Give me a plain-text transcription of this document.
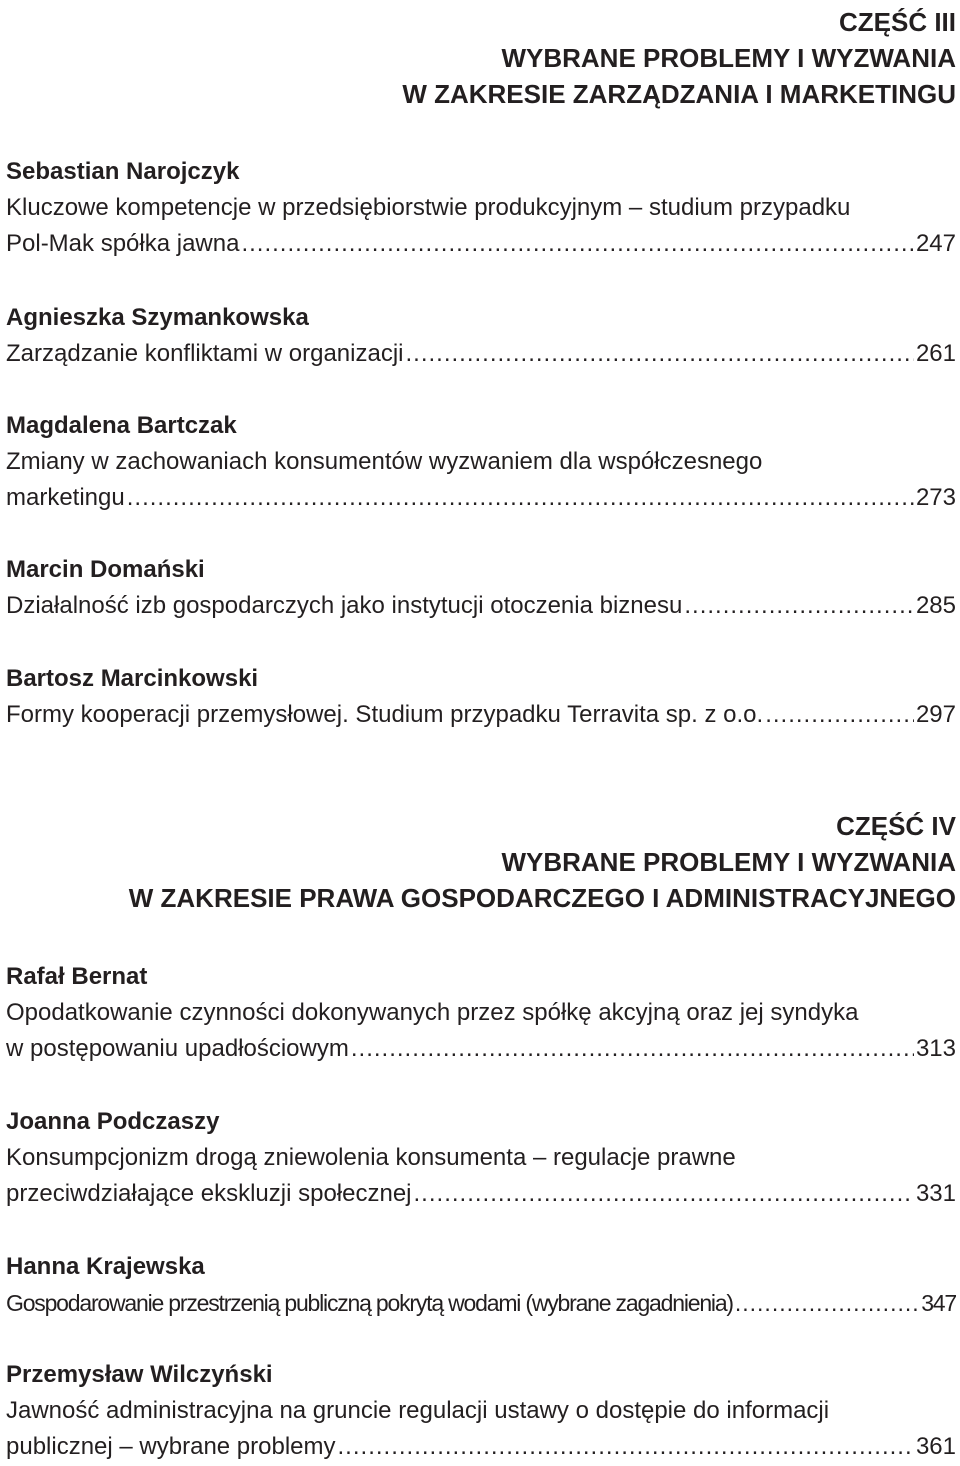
CZĘŚĆ III
WYBRANE PROBLEMY I WYZWANIA
W ZAKRESIE ZARZĄDZANIA I MARKETINGU
Sebastian Narojczyk
Kluczowe kompetencje w przedsiębiorstwie produkcyjnym – studium przypadku
Pol-Mak spółka jawna .....	247
Agnieszka Szymankowska
Zarządzanie konfliktami w organizacji .....	261
Magdalena Bartczak
Zmiany w zachowaniach konsumentów wyzwaniem dla współczesnego
marketingu .....	273
Marcin Domański
Działalność izb gospodarczych jako instytucji otoczenia biznesu .....	285
Bartosz Marcinkowski
Formy kooperacji przemysłowej. Studium przypadku Terravita sp. z o.o. .....	297
CZĘŚĆ IV
WYBRANE PROBLEMY I WYZWANIA
W ZAKRESIE PRAWA GOSPODARCZEGO I ADMINISTRACYJNEGO
Rafał Bernat
Opodatkowanie czynności dokonywanych przez spółkę akcyjną oraz jej syndyka
w postępowaniu upadłościowym .....	313
Joanna Podczaszy
Konsumpcjonizm drogą zniewolenia konsumenta – regulacje prawne
przeciwdziałające ekskluzji społecznej .....	331
Hanna Krajewska
Gospodarowanie przestrzenią publiczną pokrytą wodami (wybrane zagadnienia) .....	347
Przemysław Wilczyński
Jawność administracyjna na gruncie regulacji ustawy o dostępie do informacji
publicznej – wybrane problemy .....	361
